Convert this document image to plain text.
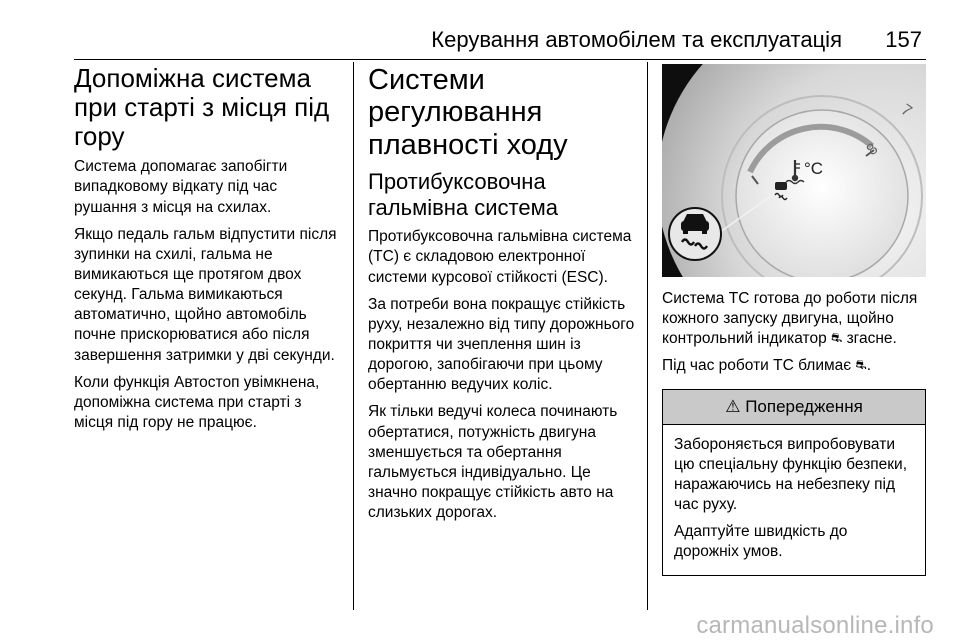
Керування автомобілем та експлуатація 157
Допоміжна система при старті з місця під гору

Система допомагає запобігти випадковому відкату під час рушання з місця на схилах.

Якщо педаль гальм відпустити після зупинки на схилі, гальма не вимикаються ще протягом двох секунд. Гальма вимикаються автоматично, щойно автомобіль почне прискорюватися або після завершення затримки у дві секунди.

Коли функція Автостоп увімкнена, допоміжна система при старті з місця під гору не працює.

Системи регулювання плавності ходу
Протибуксовочна гальмівна система

Протибуксовочна гальмівна система (TC) є складовою електронної системи курсової стійкості (ESC).

За потреби вона покращує стійкість руху, незалежно від типу дорожнього покриття чи зчеплення шин із дорогою, запобігаючи при цьому обертанню ведучих коліс.

Як тільки ведучі колеса починають обертатися, потужність двигуна зменшується та обертання гальмується індивідуально. Це значно покращує стійкість авто на слизьких дорогах.

°C
7
8

Система TC готова до роботи після кожного запуску двигуна, щойно контрольний індикатор ⛐ згасне.

Під час роботи TC блимає ⛐.

⚠ Попередження

Забороняється випробовувати цю спеціальну функцію безпеки, наражаючись на небезпеку під час руху.

Адаптуйте швидкість до дорожніх умов.

carmanualsonline.info
